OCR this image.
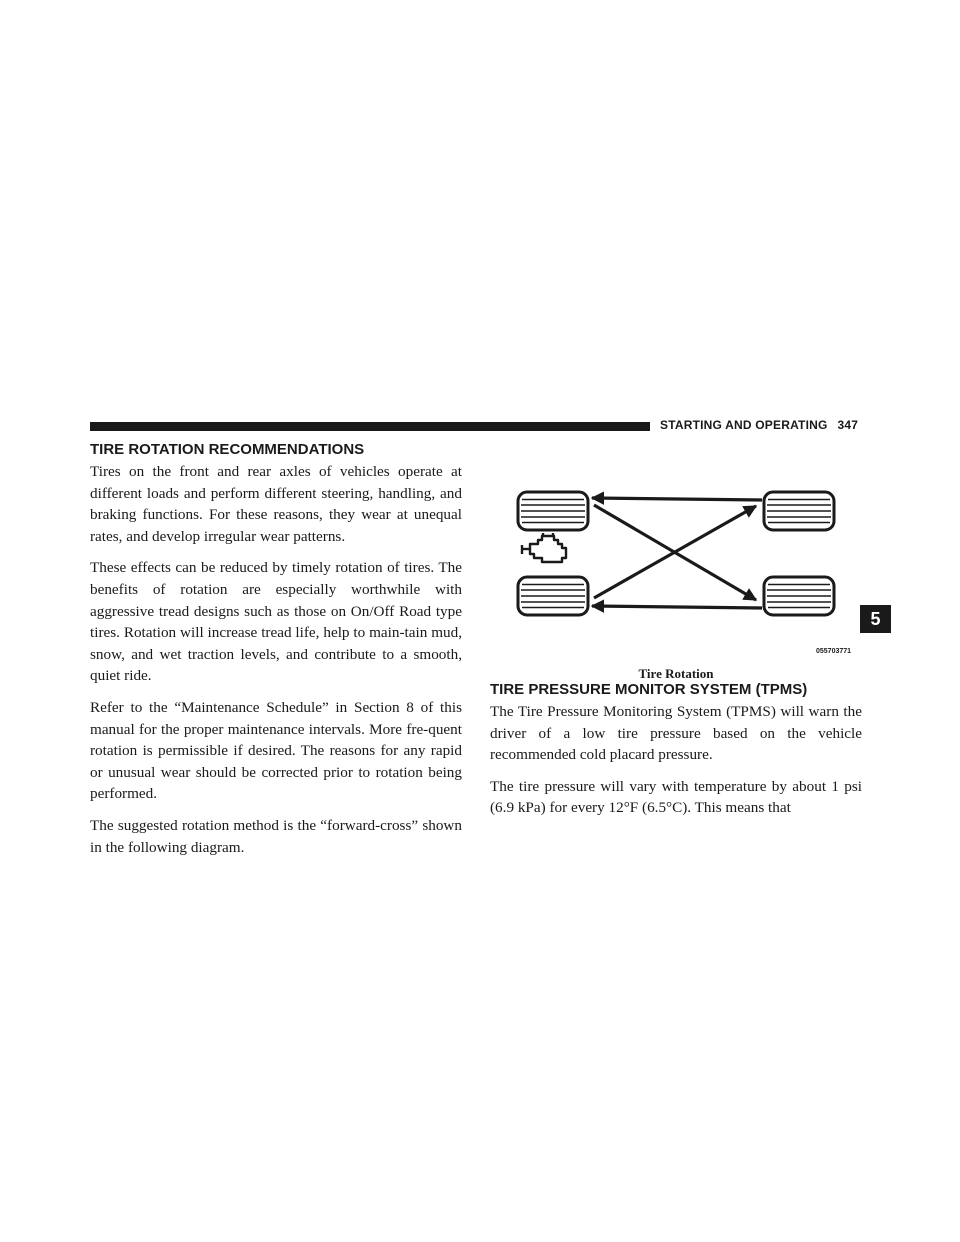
STARTING AND OPERATING 347
5
TIRE ROTATION RECOMMENDATIONS

Tires on the front and rear axles of vehicles operate at different loads and perform different steering, handling, and braking functions. For these reasons, they wear at unequal rates, and develop irregular wear patterns.

These effects can be reduced by timely rotation of tires. The benefits of rotation are especially worthwhile with aggressive tread designs such as those on On/Off Road type tires. Rotation will increase tread life, help to main-tain mud, snow, and wet traction levels, and contribute to a smooth, quiet ride.

Refer to the “Maintenance Schedule” in Section 8 of this manual for the proper maintenance intervals. More fre-quent rotation is permissible if desired. The reasons for any rapid or unusual wear should be corrected prior to rotation being performed.

The suggested rotation method is the “forward-cross” shown in the following diagram.

055703771
Tire Rotation
TIRE PRESSURE MONITOR SYSTEM (TPMS)

The Tire Pressure Monitoring System (TPMS) will warn the driver of a low tire pressure based on the vehicle recommended cold placard pressure.

The tire pressure will vary with temperature by about 1 psi (6.9 kPa) for every 12°F (6.5°C). This means that
